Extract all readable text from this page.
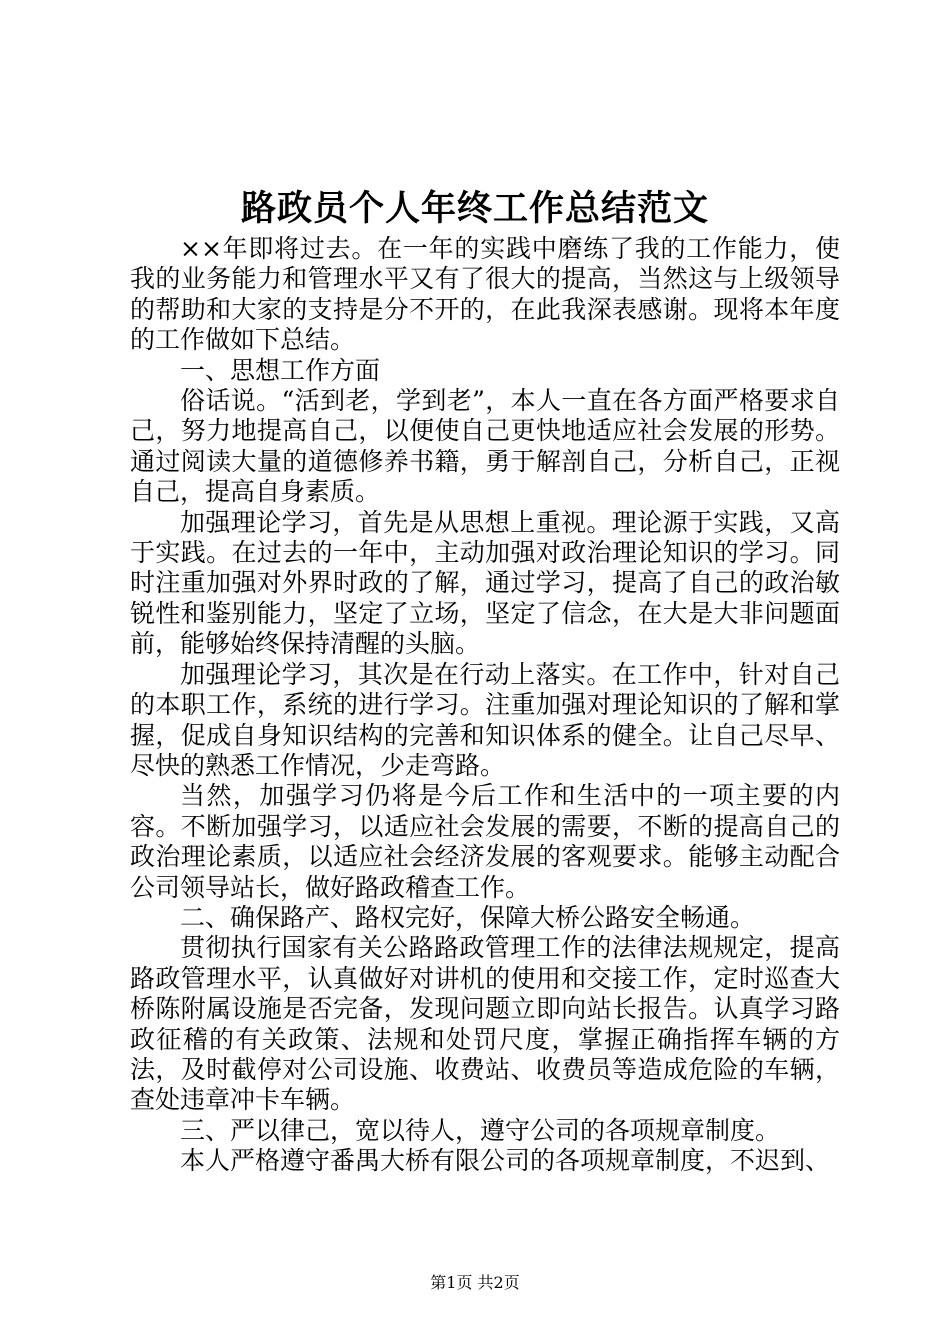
路政员个人年终工作总结范文

××年即将过去。在一年的实践中磨练了我的工作能力，使我的业务能力和管理水平又有了很大的提高，当然这与上级领导的帮助和大家的支持是分不开的，在此我深表感谢。现将本年度的工作做如下总结。

一、思想工作方面

俗话说。“活到老，学到老”，本人一直在各方面严格要求自己，努力地提高自己，以便使自己更快地适应社会发展的形势。通过阅读大量的道德修养书籍，勇于解剖自己，分析自己，正视自己，提高自身素质。

加强理论学习，首先是从思想上重视。理论源于实践，又高于实践。在过去的一年中，主动加强对政治理论知识的学习。同时注重加强对外界时政的了解，通过学习，提高了自己的政治敏锐性和鉴别能力，坚定了立场，坚定了信念，在大是大非问题面前，能够始终保持清醒的头脑。

加强理论学习，其次是在行动上落实。在工作中，针对自己的本职工作，系统的进行学习。注重加强对理论知识的了解和掌握，促成自身知识结构的完善和知识体系的健全。让自己尽早、尽快的熟悉工作情况，少走弯路。

当然，加强学习仍将是今后工作和生活中的一项主要的内容。不断加强学习，以适应社会发展的需要，不断的提高自己的政治理论素质，以适应社会经济发展的客观要求。能够主动配合公司领导站长，做好路政稽查工作。

二、确保路产、路权完好，保障大桥公路安全畅通。

贯彻执行国家有关公路路政管理工作的法律法规规定，提高路政管理水平，认真做好对讲机的使用和交接工作，定时巡查大桥陈附属设施是否完备，发现问题立即向站长报告。认真学习路政征稽的有关政策、法规和处罚尺度，掌握正确指挥车辆的方法，及时截停对公司设施、收费站、收费员等造成危险的车辆，查处违章冲卡车辆。

三、严以律己，宽以待人，遵守公司的各项规章制度。

本人严格遵守番禺大桥有限公司的各项规章制度，不迟到、

第1页 共2页
